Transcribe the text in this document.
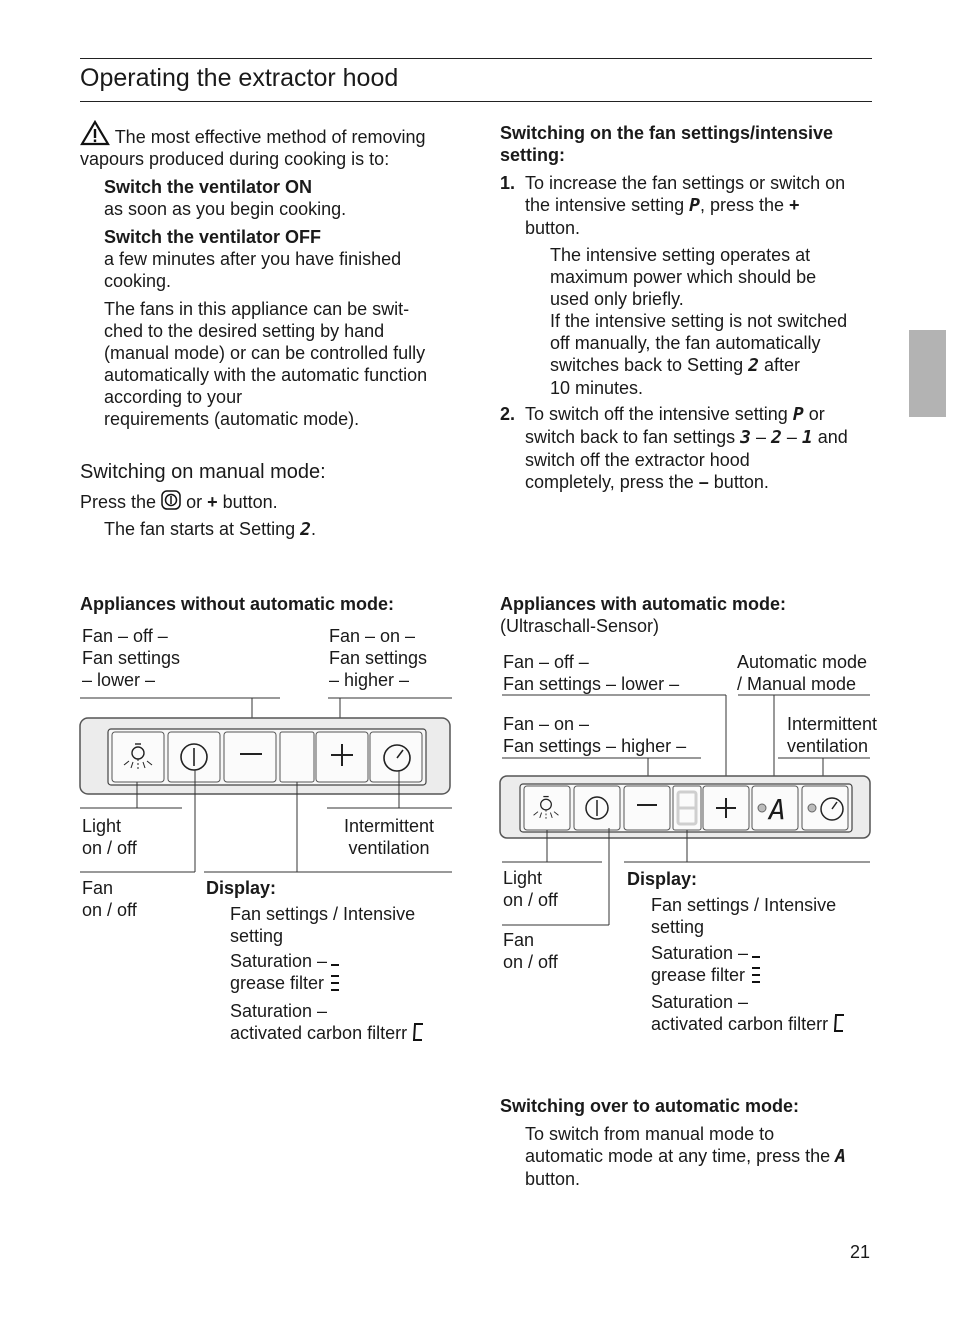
Operating the extractor hood
The most effective method of removing vapours produced during cooking is to:
Switch the ventilator ON
as soon as you begin cooking.
Switch the ventilator OFF
a few minutes after you have finished cooking.
The fans in this appliance can be swit-
ched to the desired setting by hand
(manual mode) or can be controlled fully
automatically with the automatic function
according to your
requirements (automatic mode).
Switching on manual mode:
Press the or + button.
The fan starts at Setting 2.
Switching on the fan settings/intensive
setting:
1. To increase the fan settings or switch on
the intensive setting P, press the +
button.
The intensive setting operates at
maximum power which should be
used only briefly.
If the intensive setting is not switched
off manually, the fan automatically
switches back to Setting 2 after
10 minutes.
2. To switch off the intensive setting P or
switch back to fan settings 3 – 2 – 1 and
switch off the extractor hood
completely, press the – button.
Appliances without automatic mode:
Fan – off –
Fan settings
– lower –
Fan – on –
Fan settings
– higher –
Light
on / off
Intermittent
ventilation
Fan
on / off
Display:
Fan settings / Intensive
setting
Saturation –
grease filter
Saturation –
activated carbon filterr
Appliances with automatic mode:
(Ultraschall-Sensor)
Fan – off –
Fan settings – lower –
Automatic mode
/ Manual mode
Fan – on –
Fan settings – higher –
Intermittent
ventilation
A
Light
on / off
Fan
on / off
Display:
Fan settings / Intensive
setting
Saturation –
grease filter
Saturation –
activated carbon filterr
Switching over to automatic mode:
To switch from manual mode to
automatic mode at any time, press the A
button.
21
